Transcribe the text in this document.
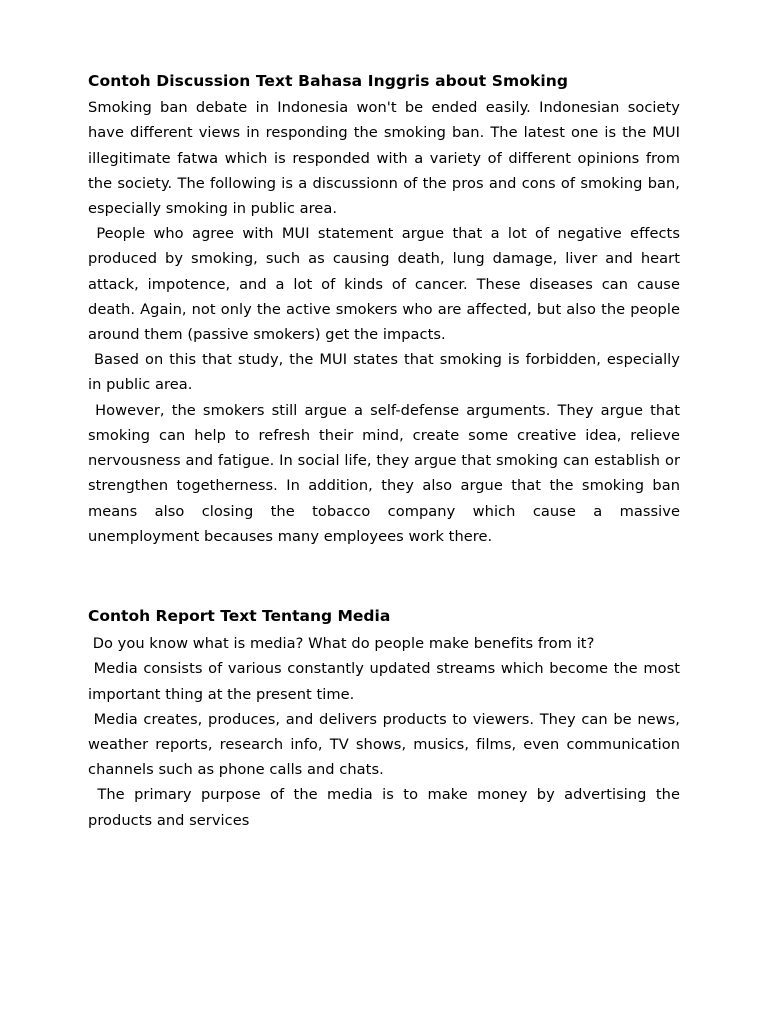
Contoh Discussion Text Bahasa Inggris about Smoking

Smoking ban debate in Indonesia won't be ended easily. Indonesian society have different views in responding the smoking ban. The latest one is the MUI illegitimate fatwa which is responded with a variety of different opinions from the society. The following is a discussionn of the pros and cons of smoking ban, especially smoking in public area.

People who agree with MUI statement argue that a lot of negative effects produced by smoking, such as causing death, lung damage, liver and heart attack, impotence, and a lot of kinds of cancer. These diseases can cause death. Again, not only the active smokers who are affected, but also the people around them (passive smokers) get the impacts.

Based on this that study, the MUI states that smoking is forbidden, especially in public area.

However, the smokers still argue a self-defense arguments. They argue that smoking can help to refresh their mind, create some creative idea, relieve nervousness and fatigue. In social life, they argue that smoking can establish or strengthen togetherness. In addition, they also argue that the smoking ban means also closing the tobacco company which cause a massive unemployment becauses many employees work there.

Contoh Report Text Tentang Media

Do you know what is media? What do people make benefits from it?

Media consists of various constantly updated streams which become the most important thing at the present time.

Media creates, produces, and delivers products to viewers. They can be news, weather reports, research info, TV shows, musics, films, even communication channels such as phone calls and chats.

The primary purpose of the media is to make money by advertising the products and services
